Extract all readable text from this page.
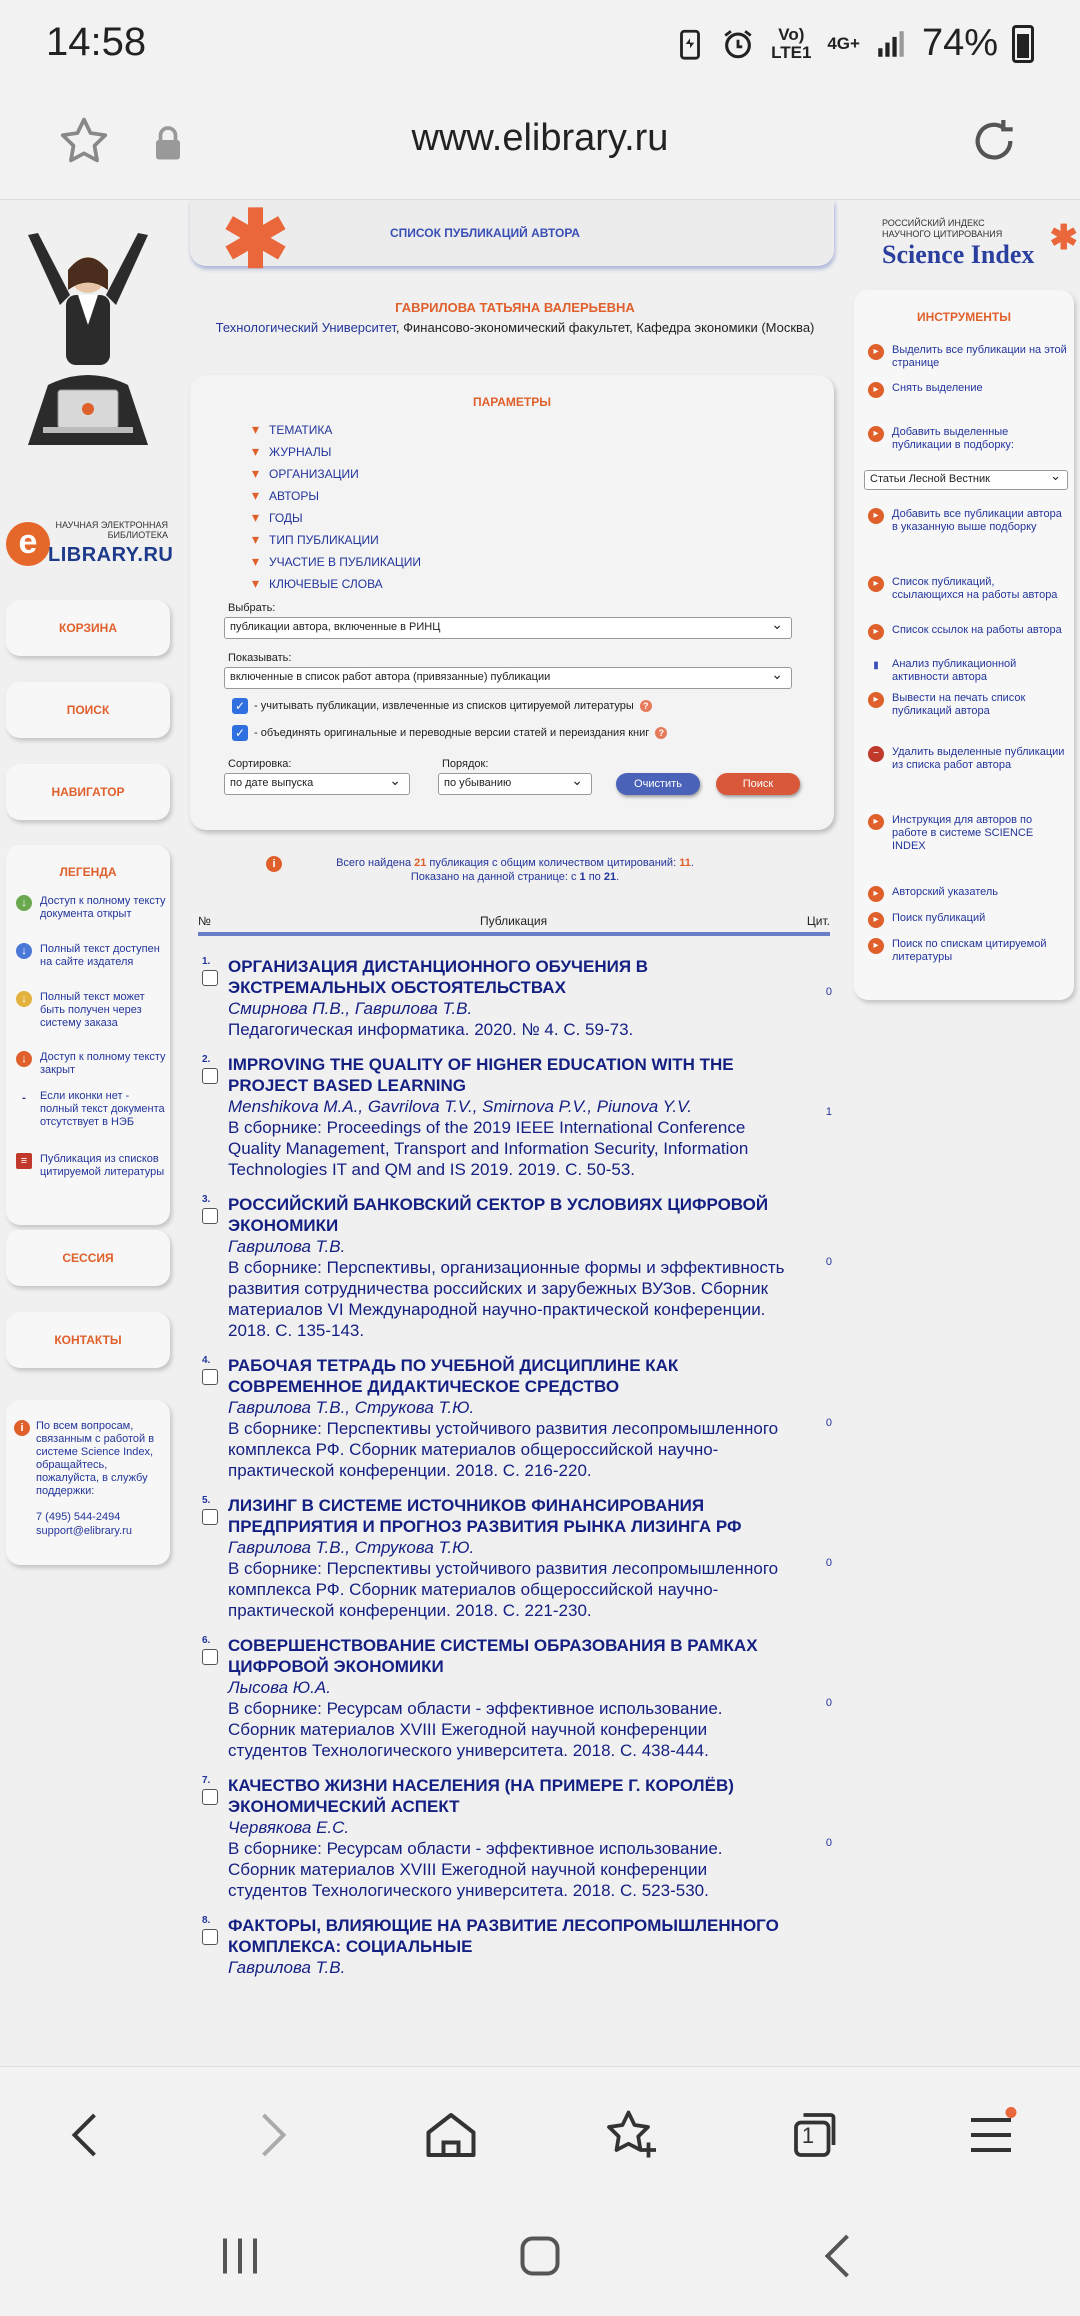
14:58	Vo) LTE1 4G+ 74%
www.elibrary.ru
e	НАУЧНАЯ ЭЛЕКТРОННАЯ БИБЛИОТЕКА
LIBRARY.RU
КОРЗИНА
ПОИСК
НАВИГАТОР
ЛЕГЕНДА
↓	Доступ к полному тексту документа открыт
↓	Полный текст доступен на сайте издателя
↓	Полный текст может быть получен через систему заказа
↓	Доступ к полному тексту закрыт
-	Если иконки нет - полный текст документа отсутствует в НЭБ
≡	Публикация из списков цитируемой литературы
СЕССИЯ
КОНТАКТЫ
i	По всем вопросам, связанным с работой в системе Science Index, обращайтесь, пожалуйста, в службу поддержки:
7 (495) 544-2494
support@elibrary.ru
✱	СПИСОК ПУБЛИКАЦИЙ АВТОРА
ГАВРИЛОВА ТАТЬЯНА ВАЛЕРЬЕВНА
Технологический Университет, Финансово-экономический факультет, Кафедра экономики (Москва)
ПАРАМЕТРЫ
▾ ТЕМАТИКА
▾ ЖУРНАЛЫ
▾ ОРГАНИЗАЦИИ
▾ АВТОРЫ
▾ ГОДЫ
▾ ТИП ПУБЛИКАЦИИ
▾ УЧАСТИЕ В ПУБЛИКАЦИИ
▾ КЛЮЧЕВЫЕ СЛОВА
Выбрать:
публикации автора, включенные в РИНЦ ⌄
Показывать:
включенные в список работ автора (привязанные) публикации ⌄
✓ - учитывать публикации, извлеченные из списков цитируемой литературы	?
✓ - объединять оригинальные и переводные версии статей и переиздания книг	?
Сортировка:
по дате выпуска ⌄
Порядок:
по убыванию ⌄	Очистить	Поиск
i	Всего найдена 21 публикация с общим количеством цитирований: 11.
Показано на данной странице: с 1 по 21.
№	Публикация	Цит.
1. ОРГАНИЗАЦИЯ ДИСТАНЦИОННОГО ОБУЧЕНИЯ В ЭКСТРЕМАЛЬНЫХ ОБСТОЯТЕЛЬСТВАХ
Смирнова П.В., Гаврилова Т.В.
Педагогическая информатика. 2020. № 4. С. 59-73.
0
2. IMPROVING THE QUALITY OF HIGHER EDUCATION WITH THE PROJECT BASED LEARNING
Menshikova M.A., Gavrilova T.V., Smirnova P.V., Piunova Y.V.
В сборнике: Proceedings of the 2019 IEEE International Conference Quality Management, Transport and Information Security, Information Technologies IT and QM and IS 2019. 2019. С. 50-53.
1
3. РОССИЙСКИЙ БАНКОВСКИЙ СЕКТОР В УСЛОВИЯХ ЦИФРОВОЙ ЭКОНОМИКИ
Гаврилова Т.В.
В сборнике: Перспективы, организационные формы и эффективность развития сотрудничества российских и зарубежных ВУЗов. Сборник материалов VI Международной научно-практической конференции. 2018. С. 135-143.
0
4. РАБОЧАЯ ТЕТРАДЬ ПО УЧЕБНОЙ ДИСЦИПЛИНЕ КАК СОВРЕМЕННОЕ ДИДАКТИЧЕСКОЕ СРЕДСТВО
Гаврилова Т.В., Струкова Т.Ю.
В сборнике: Перспективы устойчивого развития лесопромышленного комплекса РФ. Сборник материалов общероссийской научно-практической конференции. 2018. С. 216-220.
0
5. ЛИЗИНГ В СИСТЕМЕ ИСТОЧНИКОВ ФИНАНСИРОВАНИЯ ПРЕДПРИЯТИЯ И ПРОГНОЗ РАЗВИТИЯ РЫНКА ЛИЗИНГА РФ
Гаврилова Т.В., Струкова Т.Ю.
В сборнике: Перспективы устойчивого развития лесопромышленного комплекса РФ. Сборник материалов общероссийской научно-практической конференции. 2018. С. 221-230.
0
6. СОВЕРШЕНСТВОВАНИЕ СИСТЕМЫ ОБРАЗОВАНИЯ В РАМКАХ ЦИФРОВОЙ ЭКОНОМИКИ
Лысова Ю.А.
В сборнике: Ресурсам области - эффективное использование. Сборник материалов XVIII Ежегодной научной конференции студентов Технологического университета. 2018. С. 438-444.
0
7. КАЧЕСТВО ЖИЗНИ НАСЕЛЕНИЯ (НА ПРИМЕРЕ Г. КОРОЛЁВ) ЭКОНОМИЧЕСКИЙ АСПЕКТ
Червякова Е.С.
В сборнике: Ресурсам области - эффективное использование. Сборник материалов XVIII Ежегодной научной конференции студентов Технологического университета. 2018. С. 523-530.
0
8. ФАКТОРЫ, ВЛИЯЮЩИЕ НА РАЗВИТИЕ ЛЕСОПРОМЫШЛЕННОГО КОМПЛЕКСА: СОЦИАЛЬНЫЕ
Гаврилова Т.В.
РОССИЙСКИЙ ИНДЕКС НАУЧНОГО ЦИТИРОВАНИЯ
Science Index ✱
ИНСТРУМЕНТЫ
▸	Выделить все публикации на этой странице
▸	Снять выделение
▸	Добавить выделенные публикации в подборку:
Статьи Лесной Вестник ⌄
▸	Добавить все публикации автора в указанную выше подборку
▸	Список публикаций, ссылающихся на работы автора
▸	Список ссылок на работы автора
▮	Анализ публикационной активности автора
▸	Вывести на печать список публикаций автора
−	Удалить выделенные публикации из списка работ автора
▸	Инструкция для авторов по работе в системе SCIENCE INDEX
▸	Авторский указатель
▸	Поиск публикаций
▸	Поиск по спискам цитируемой литературы
1
